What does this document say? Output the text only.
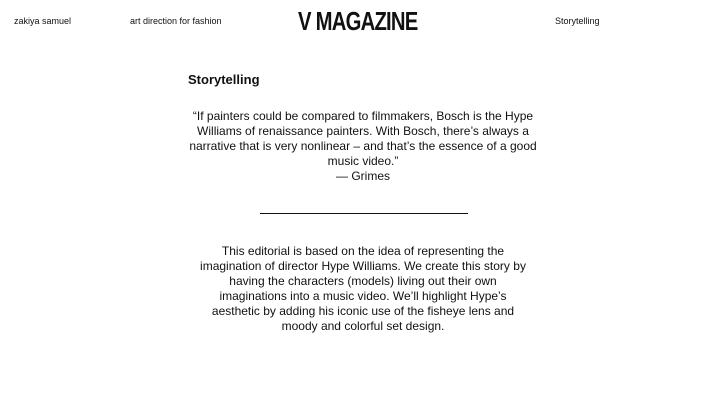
zakiya samuel	art direction for fashion	V MAGAZINE	Storytelling
Storytelling
“If painters could be compared to filmmakers, Bosch is the Hype Williams of renaissance painters. With Bosch, there’s always a narrative that is very nonlinear – and that’s the essence of a good music video.”
— Grimes
This editorial is based on the idea of representing the imagination of director Hype Williams. We create this story by having the characters (models) living out their own imaginations into a music video. We’ll highlight Hype’s aesthetic by adding his iconic use of the fisheye lens and moody and colorful set design.
